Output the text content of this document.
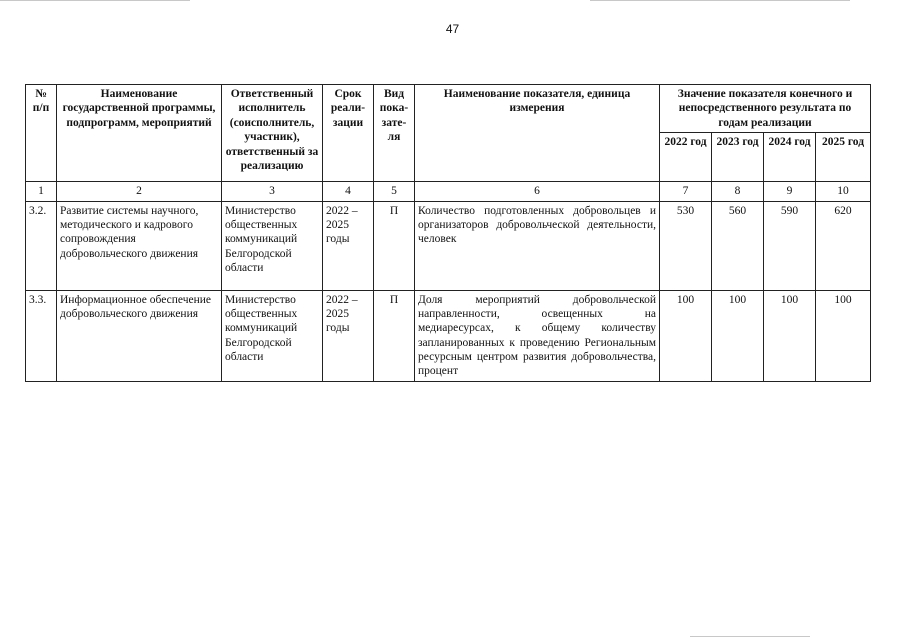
47
№ п/п	Наименование государственной программы, подпрограмм, мероприятий	Ответственный исполнитель (соисполнитель, участник), ответственный за реализацию	Срок реали-зации	Вид пока-зате-ля	Наименование показателя, единица измерения	Значение показателя конечного и непосредственного результата по годам реализации			
						2022 год	2023 год	2024 год	2025 год
1	2	3	4	5	6	7	8	9	10
3.2.	Развитие системы научного, методического и кадрового сопровождения добровольческого движения	Министерство общественных коммуникаций Белгородской области	2022 – 2025 годы	П	Количество подготовленных добровольцев и организаторов добровольческой деятельности, человек	530	560	590	620
3.3.	Информационное обеспечение добровольческого движения	Министерство общественных коммуникаций Белгородской области	2022 – 2025 годы	П	Доля мероприятий добровольческой направленности, освещенных на медиаресурсах, к общему количеству запланированных к проведению Региональным ресурсным центром развития добровольчества, процент	100	100	100	100
